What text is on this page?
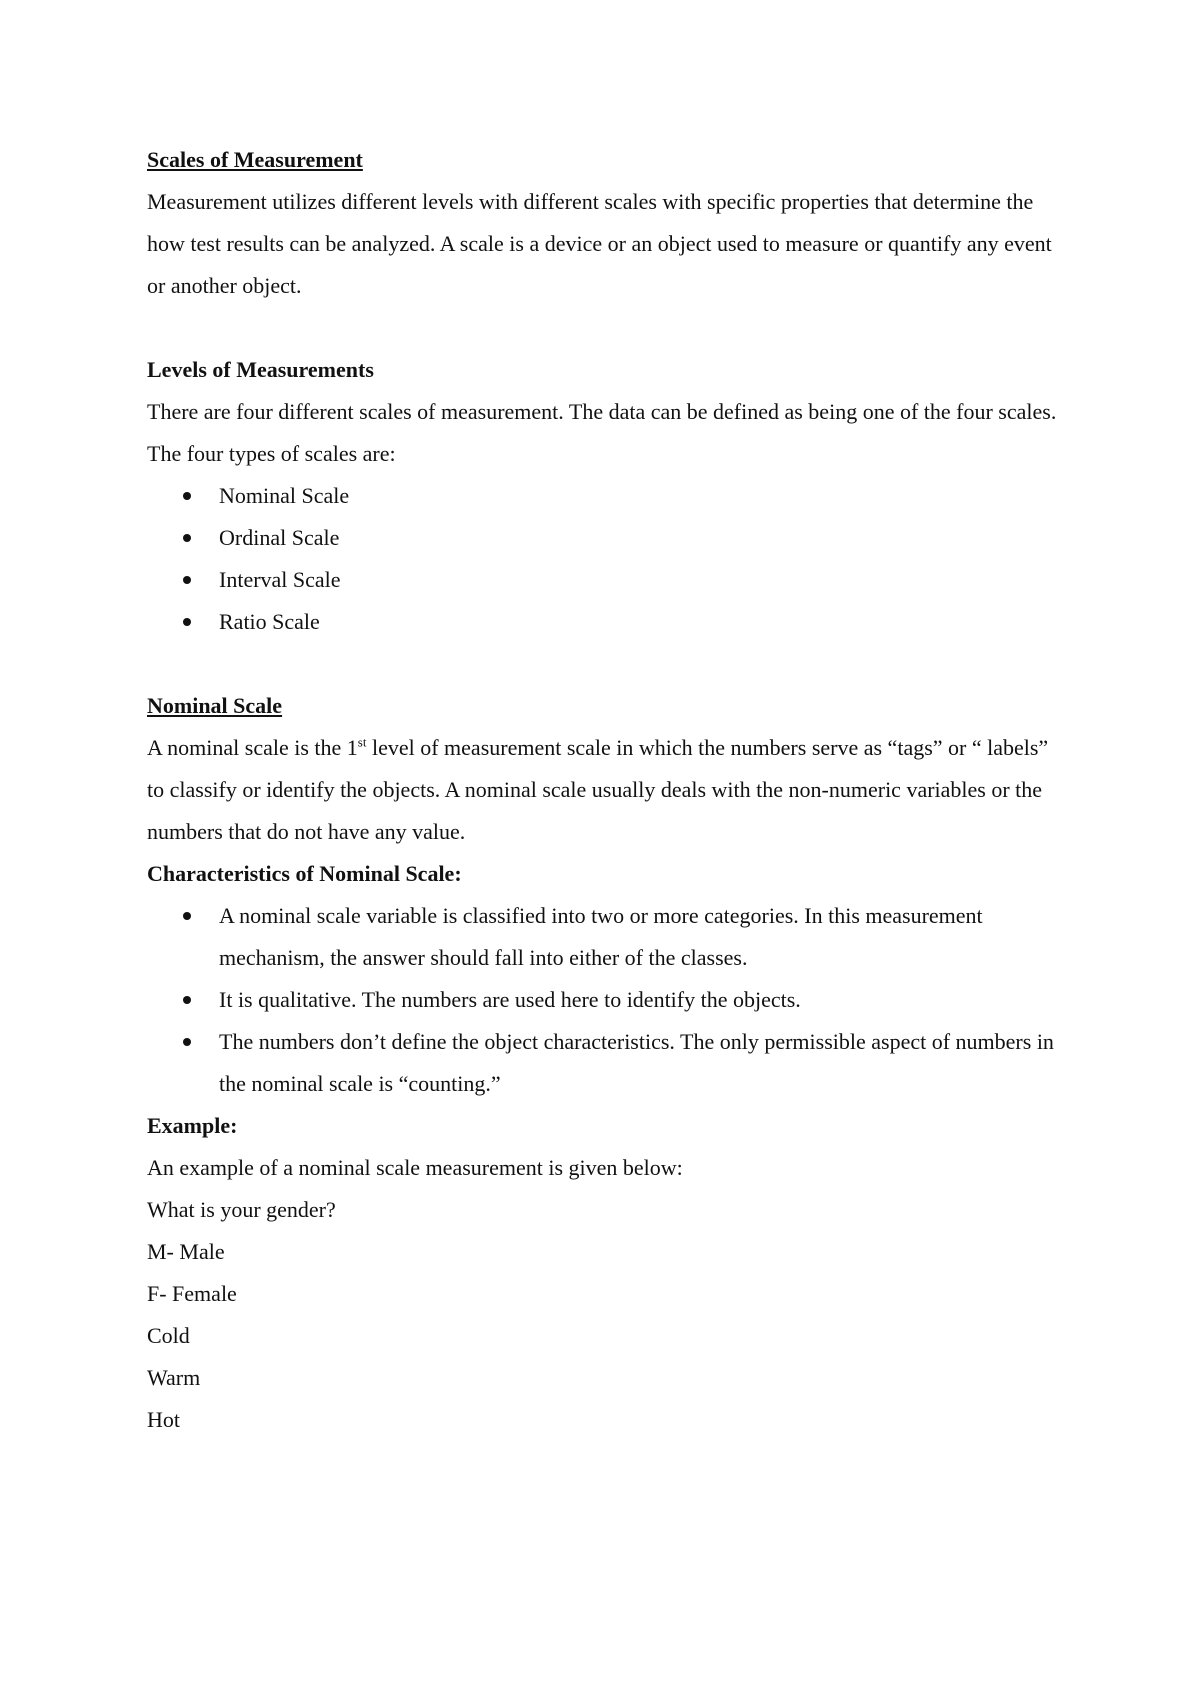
Scales of Measurement

Measurement utilizes different levels with different scales with specific properties that determine the how test results can be analyzed. A scale is a device or an object used to measure or quantify any event or another object.

Levels of Measurements

There are four different scales of measurement. The data can be defined as being one of the four scales. The four types of scales are:

Nominal Scale
Ordinal Scale
Interval Scale
Ratio Scale

Nominal Scale

A nominal scale is the 1st level of measurement scale in which the numbers serve as “tags” or “ labels” to classify or identify the objects. A nominal scale usually deals with the non-numeric variables or the numbers that do not have any value.

Characteristics of Nominal Scale:

A nominal scale variable is classified into two or more categories. In this measurement mechanism, the answer should fall into either of the classes.
It is qualitative. The numbers are used here to identify the objects.
The numbers don’t define the object characteristics. The only permissible aspect of numbers in the nominal scale is “counting.”

Example:

An example of a nominal scale measurement is given below:

What is your gender?

M- Male

F- Female

Cold

Warm

Hot
